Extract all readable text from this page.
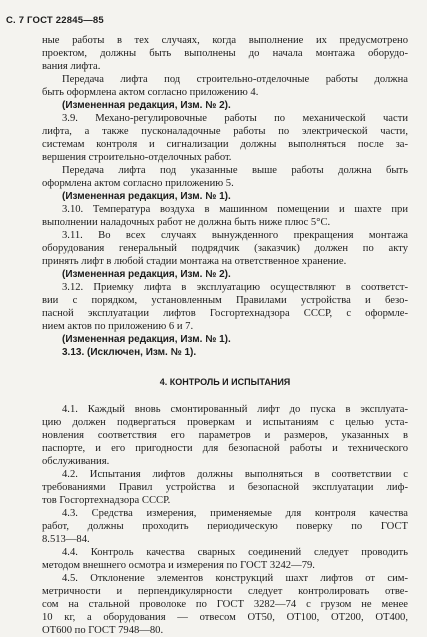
С. 7 ГОСТ 22845—85
ные работы в тех случаях, когда выполнение их предусмотрено
проектом, должны быть выполнены до начала монтажа оборудо-
вания лифта.
Передача лифта под строительно-отделочные работы должна
быть оформлена актом согласно приложению 4.
(Измененная редакция, Изм. № 2).
3.9. Механо-регулировочные работы по механической части
лифта, а также пусконаладочные работы по электрической части,
системам контроля и сигнализации должны выполняться после за-
вершения строительно-отделочных работ.
Передача лифта под указанные выше работы должна быть
оформлена актом согласно приложению 5.
(Измененная редакция, Изм. № 1).
3.10. Температура воздуха в машинном помещении и шахте при
выполнении наладочных работ не должна быть ниже плюс 5°С.
3.11. Во всех случаях вынужденного прекращения монтажа
оборудования генеральный подрядчик (заказчик) должен по акту
принять лифт в любой стадии монтажа на ответственное хранение.
(Измененная редакция, Изм. № 2).
3.12. Приемку лифта в эксплуатацию осуществляют в соответст-
вии с порядком, установленным Правилами устройства и безо-
пасной эксплуатации лифтов Госгортехнадзора СССР, с оформле-
нием актов по приложению 6 и 7.
(Измененная редакция, Изм. № 1).
3.13. (Исключен, Изм. № 1).
4. КОНТРОЛЬ И ИСПЫТАНИЯ
4.1. Каждый вновь смонтированный лифт до пуска в эксплуата-
цию должен подвергаться проверкам и испытаниям с целью уста-
новления соответствия его параметров и размеров, указанных в
паспорте, и его пригодности для безопасной работы и технического
обслуживания.
4.2. Испытания лифтов должны выполняться в соответствии с
требованиями Правил устройства и безопасной эксплуатации лиф-
тов Госгортехнадзора СССР.
4.3. Средства измерения, применяемые для контроля качества
работ, должны проходить периодическую поверку по ГОСТ
8.513—84.
4.4. Контроль качества сварных соединений следует проводить
методом внешнего осмотра и измерения по ГОСТ 3242—79.
4.5. Отклонение элементов конструкций шахт лифтов от сим-
метричности и перпендикулярности следует контролировать отве-
сом на стальной проволоке по ГОСТ 3282—74 с грузом не менее
10 кг, а оборудования — отвесом ОТ50, ОТ100, ОТ200, ОТ400,
ОТ600 по ГОСТ 7948—80.
